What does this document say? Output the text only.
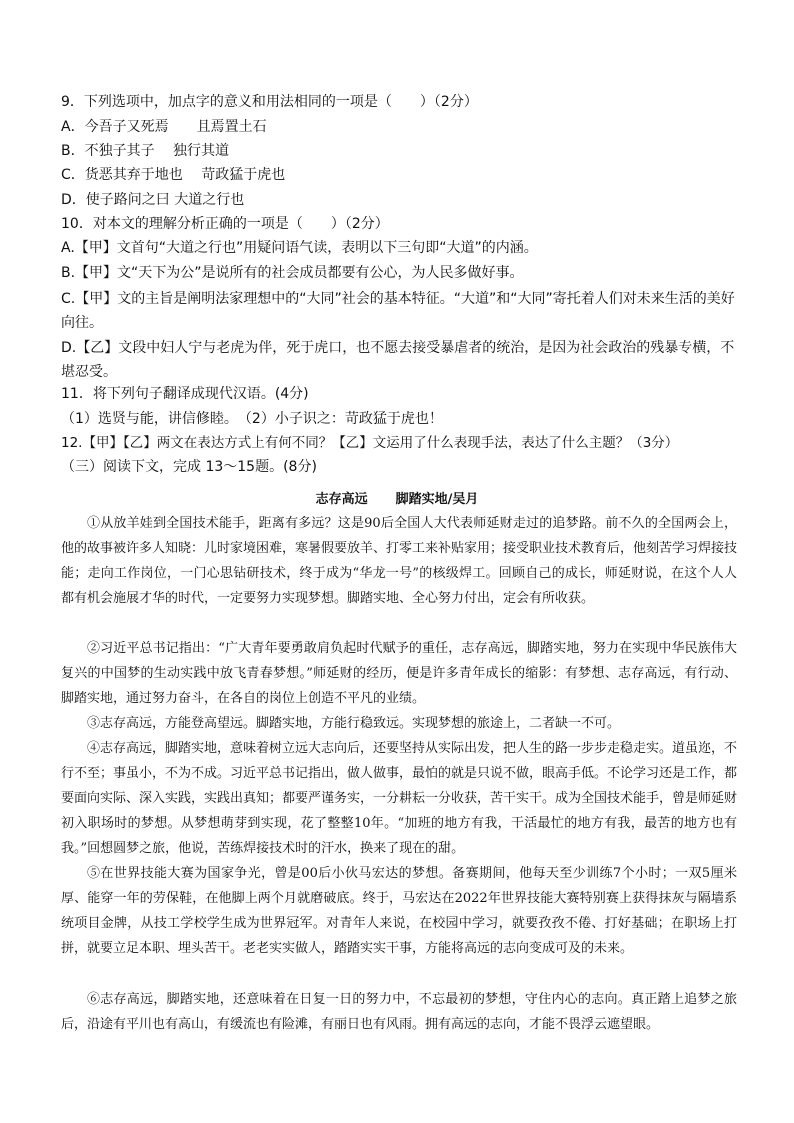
9．下列选项中，加点字的意义和用法相同的一项是（　　）（2分）
A．今吾子又死焉　　且焉置土石
B．不独子其子　 独行其道
C．货恶其弃于地也　 苛政猛于虎也
D．使子路问之曰 大道之行也
10．对本文的理解分析正确的一项是（　　）（2分）
A.【甲】文首句“大道之行也”用疑问语气读，表明以下三句即“大道”的内涵。
B.【甲】文“天下为公”是说所有的社会成员都要有公心，为人民多做好事。
C.【甲】文的主旨是阐明法家理想中的“大同”社会的基本特征。“大道”和“大同”寄托着人们对未来生活的美好向往。
D.【乙】文段中妇人宁与老虎为伴，死于虎口，也不愿去接受暴虐者的统治，是因为社会政治的残暴专横，不堪忍受。
11．将下列句子翻译成现代汉语。(4分)
（1）选贤与能，讲信修睦。　（2）小子识之：苛政猛于虎也！
12.【甲】【乙】两文在表达方式上有何不同？【乙】文运用了什么表现手法，表达了什么主题？（3分）
（三）阅读下文，完成 13～15题。(8分)
志存高远 脚踏实地/吴月
①从放羊娃到全国技术能手，距离有多远？这是90后全国人大代表师延财走过的追梦路。前不久的全国两会上，他的故事被许多人知晓：儿时家境困难，寒暑假要放羊、打零工来补贴家用；接受职业技术教育后，他刻苦学习焊接技能；走向工作岗位，一门心思钻研技术，终于成为“华龙一号”的核级焊工。回顾自己的成长，师延财说，在这个人人都有机会施展才华的时代，一定要努力实现梦想。脚踏实地、全心努力付出，定会有所收获。
②习近平总书记指出：“广大青年要勇敢肩负起时代赋予的重任，志存高远，脚踏实地，努力在实现中华民族伟大复兴的中国梦的生动实践中放飞青春梦想。”师延财的经历，便是许多青年成长的缩影：有梦想、志存高远，有行动、脚踏实地，通过努力奋斗，在各自的岗位上创造不平凡的业绩。
③志存高远，方能登高望远。脚踏实地，方能行稳致远。实现梦想的旅途上，二者缺一不可。
④志存高远，脚踏实地，意味着树立远大志向后，还要坚持从实际出发，把人生的路一步步走稳走实。道虽迩，不行不至；事虽小，不为不成。习近平总书记指出，做人做事，最怕的就是只说不做，眼高手低。不论学习还是工作，都要面向实际、深入实践，实践出真知；都要严谨务实，一分耕耘一分收获，苦干实干。成为全国技术能手，曾是师延财初入职场时的梦想。从梦想萌芽到实现，花了整整10年。“加班的地方有我，干活最忙的地方有我，最苦的地方也有我。”回想圆梦之旅，他说，苦练焊接技术时的汗水，换来了现在的甜。
⑤在世界技能大赛为国家争光，曾是00后小伙马宏达的梦想。备赛期间，他每天至少训练7个小时；一双5厘米厚、能穿一年的劳保鞋，在他脚上两个月就磨破底。终于，马宏达在2022年世界技能大赛特别赛上获得抹灰与隔墙系统项目金牌，从技工学校学生成为世界冠军。对青年人来说，在校园中学习，就要孜孜不倦、打好基础；在职场上打拼，就要立足本职、埋头苦干。老老实实做人，踏踏实实干事，方能将高远的志向变成可及的未来。
⑥志存高远，脚踏实地，还意味着在日复一日的努力中，不忘最初的梦想，守住内心的志向。真正踏上追梦之旅后，沿途有平川也有高山，有缓流也有险滩，有丽日也有风雨。拥有高远的志向，才能不畏浮云遮望眼。
